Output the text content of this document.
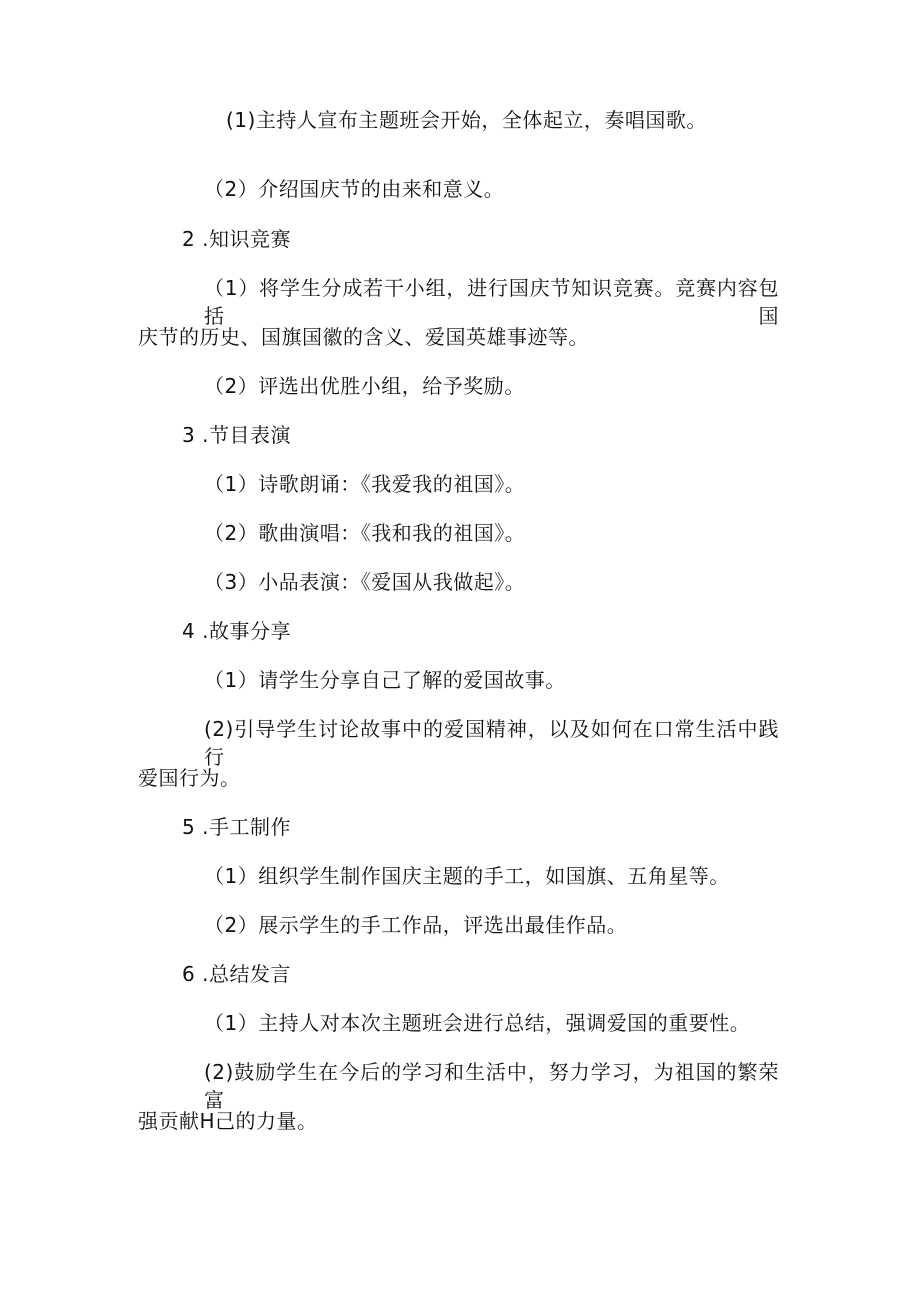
(1)主持人宣布主题班会开始，全体起立，奏唱国歌。

（2）介绍国庆节的由来和意义。

2 .知识竞赛

（1）将学生分成若干小组，进行国庆节知识竞赛。竞赛内容包括国

庆节的历史、国旗国徽的含义、爱国英雄事迹等。

（2）评选出优胜小组，给予奖励。

3 .节目表演

（1）诗歌朗诵：《我爱我的祖国》。

（2）歌曲演唱：《我和我的祖国》。

（3）小品表演：《爱国从我做起》。

4 .故事分享

（1）请学生分享自己了解的爱国故事。

(2)引导学生讨论故事中的爱国精神，以及如何在口常生活中践行

爱国行为。

5 .手工制作

（1）组织学生制作国庆主题的手工，如国旗、五角星等。

（2）展示学生的手工作品，评选出最佳作品。

6 .总结发言

（1）主持人对本次主题班会进行总结，强调爱国的重要性。

(2)鼓励学生在今后的学习和生活中，努力学习，为祖国的繁荣富

强贡献H己的力量。
